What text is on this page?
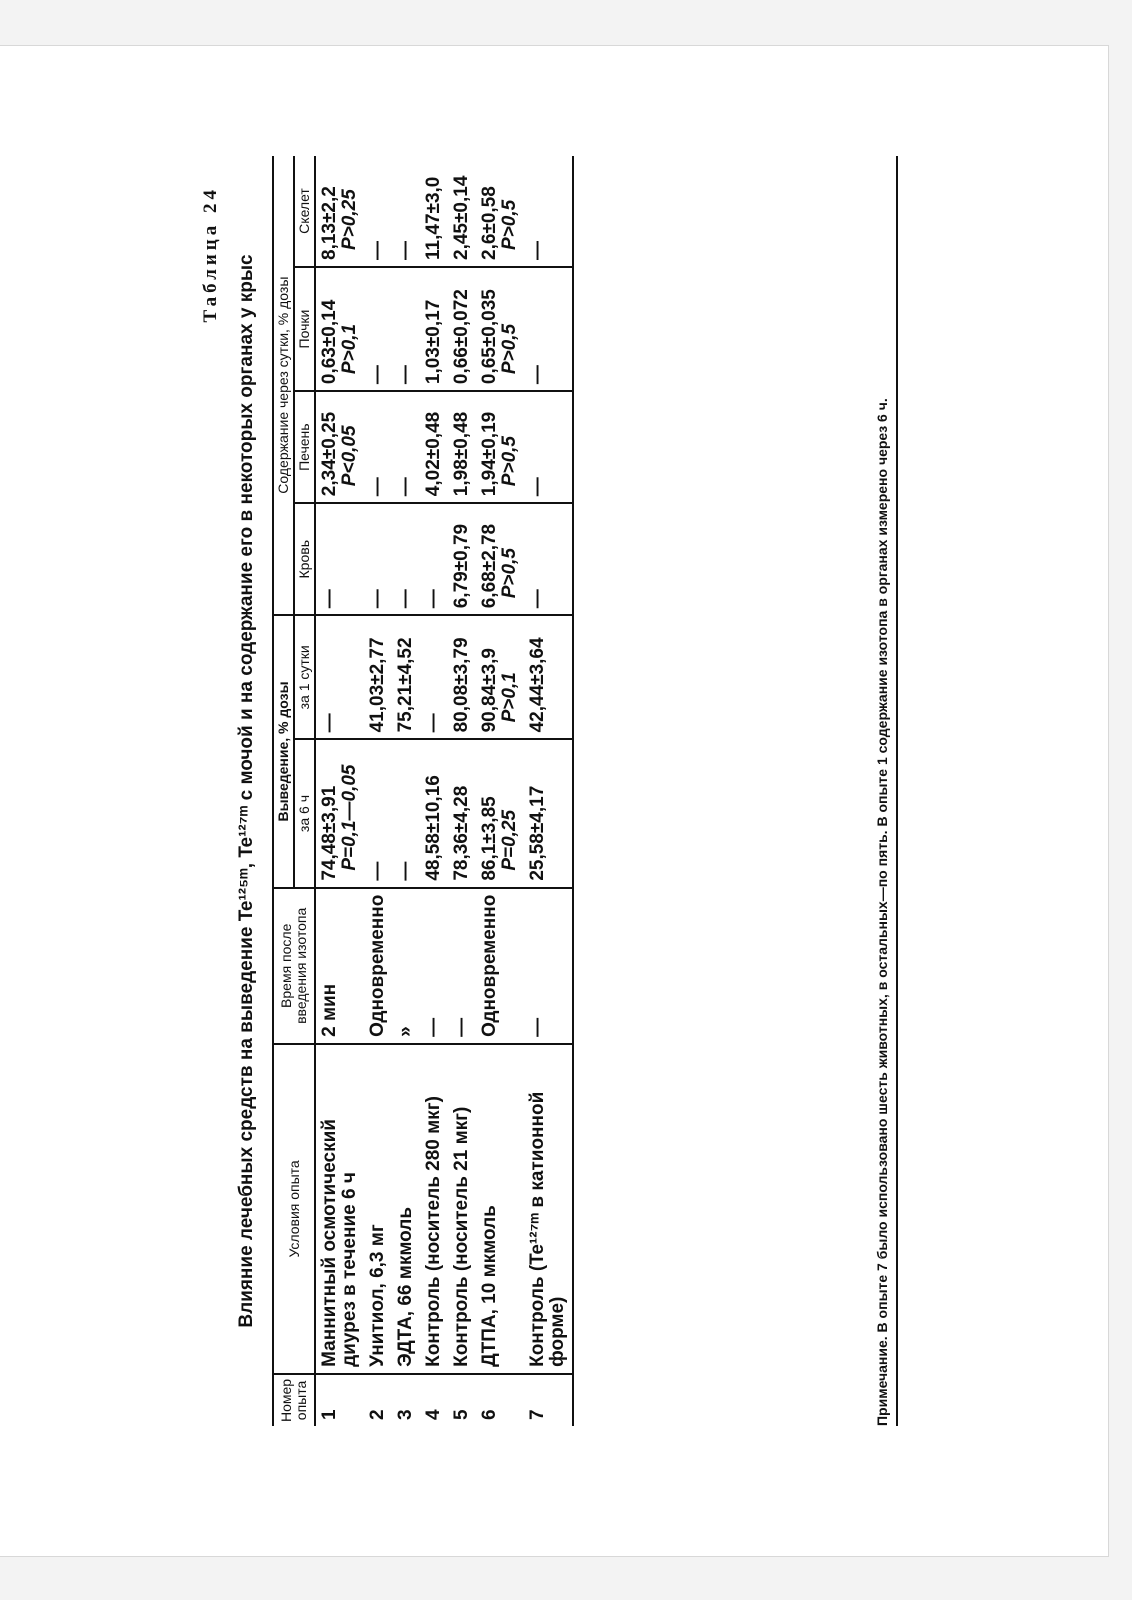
Таблица 24
Влияние лечебных средств на выведение Te¹²⁵ᵐ, Te¹²⁷ᵐ с мочой и на содержание его в некоторых органах у крыс
Номер опыта	Условия опыта	Время после введения изотопа	Выведение, % дозы		Содержание через сутки, % дозы			
			за 6 ч	за 1 сутки	Кровь	Печень	Почки	Скелет
1	Маннитный осмотический диурез в течение 6 ч	2 мин	74,48±3,91 P=0,1—0,05	—	—	2,34±0,25 P<0,05	0,63±0,14 P>0,1	8,13±2,2 P>0,25

2	Унитиол, 6,3 мг	Одновременно	—	41,03±2,77	—	—	—	—

3	ЭДТА, 66 мкмоль	»	—	75,21±4,52	—	—	—	—

4	Контроль (носитель 280 мкг)	—	48,58±10,16	—	—	4,02±0,48	1,03±0,17	11,47±3,0

5	Контроль (носитель 21 мкг)	—	78,36±4,28	80,08±3,79	6,79±0,79	1,98±0,48	0,66±0,072	2,45±0,14

6	ДТПА, 10 мкмоль	Одновременно	86,1±3,85 P=0,25	90,84±3,9 P>0,1	6,68±2,78 P>0,5	1,94±0,19 P>0,5	0,65±0,035 P>0,5	2,6±0,58 P>0,5

7	Контроль (Te¹²⁷ᵐ в катионной форме)	—	25,58±4,17	42,44±3,64	—	—	—	—
Примечание. В опыте 7 было использовано шесть животных, в остальных—по пять. В опыте 1 содержание изотопа в органах измерено через 6 ч.
